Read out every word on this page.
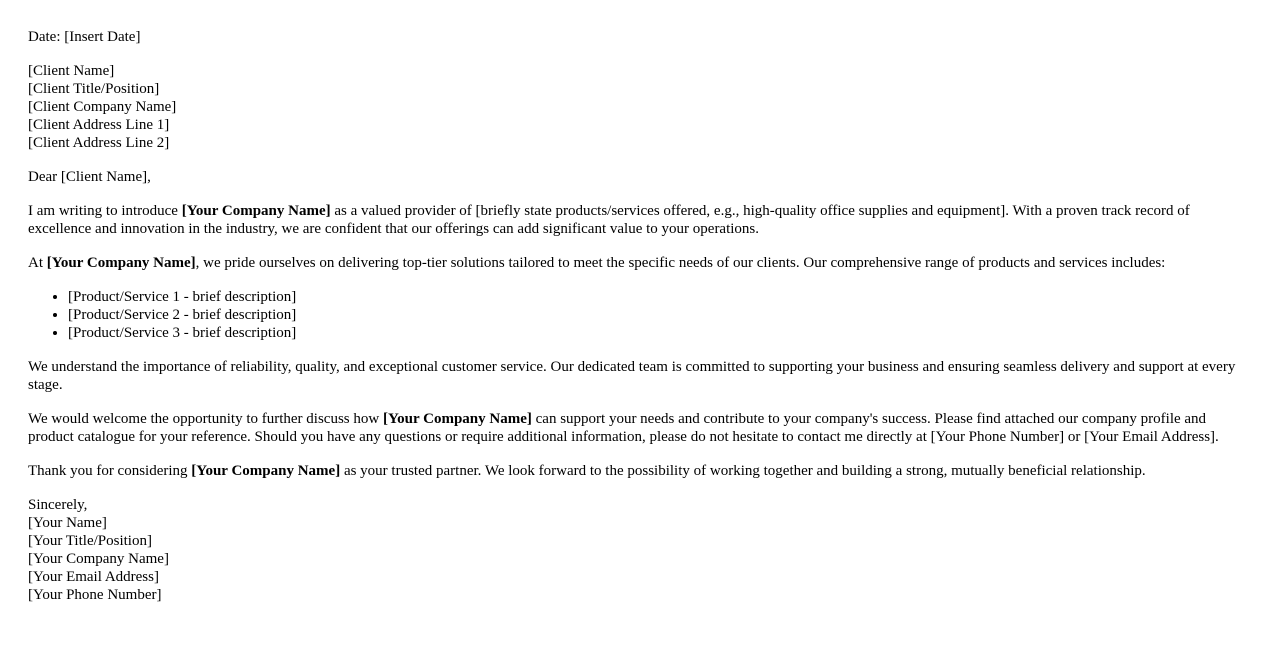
Date: [Insert Date]

[Client Name]
[Client Title/Position]
[Client Company Name]
[Client Address Line 1]
[Client Address Line 2]

Dear [Client Name],

I am writing to introduce [Your Company Name] as a valued provider of [briefly state products/services offered, e.g., high-quality office supplies and equipment]. With a proven track record of excellence and innovation in the industry, we are confident that our offerings can add significant value to your operations.

At [Your Company Name], we pride ourselves on delivering top-tier solutions tailored to meet the specific needs of our clients. Our comprehensive range of products and services includes:

• [Product/Service 1 - brief description]
• [Product/Service 2 - brief description]
• [Product/Service 3 - brief description]

We understand the importance of reliability, quality, and exceptional customer service. Our dedicated team is committed to supporting your business and ensuring seamless delivery and support at every stage.

We would welcome the opportunity to further discuss how [Your Company Name] can support your needs and contribute to your company's success. Please find attached our company profile and product catalogue for your reference. Should you have any questions or require additional information, please do not hesitate to contact me directly at [Your Phone Number] or [Your Email Address].

Thank you for considering [Your Company Name] as your trusted partner. We look forward to the possibility of working together and building a strong, mutually beneficial relationship.

Sincerely,
[Your Name]
[Your Title/Position]
[Your Company Name]
[Your Email Address]
[Your Phone Number]
